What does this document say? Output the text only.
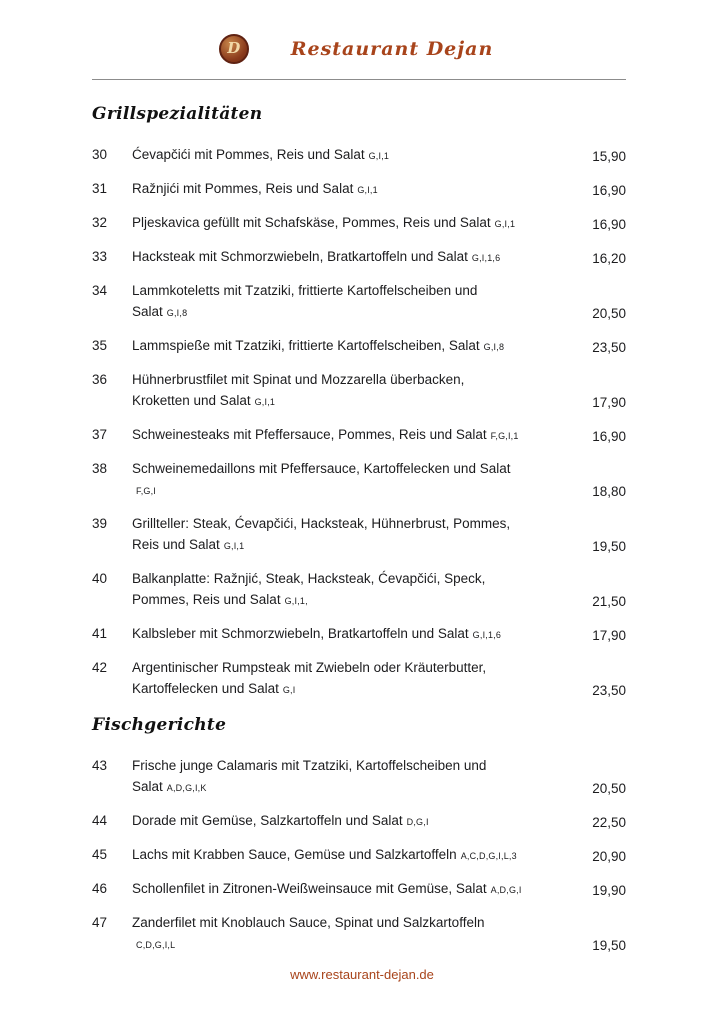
D	Restaurant Dejan
Grillspezialitäten
30	Ćevapčići mit Pommes, Reis und Salat G,I,1	15,90
31	Ražnjići mit Pommes, Reis und Salat G,I,1	16,90
32	Pljeskavica gefüllt mit Schafskäse, Pommes, Reis und Salat G,I,1	16,90
33	Hacksteak mit Schmorzwiebeln, Bratkartoffeln und Salat G,I,1,6	16,20
34	Lammkoteletts mit Tzatziki, frittierte Kartoffelscheiben und
Salat G,I,8	20,50
35	Lammspieße mit Tzatziki, frittierte Kartoffelscheiben, Salat G,I,8	23,50
36	Hühnerbrustfilet mit Spinat und Mozzarella überbacken,
Kroketten und Salat G,I,1	17,90
37	Schweinesteaks mit Pfeffersauce, Pommes, Reis und Salat F,G,I,1	16,90
38	Schweinemedaillons mit Pfeffersauce, Kartoffelecken und Salat
F,G,I	18,80
39	Grillteller: Steak, Ćevapčići, Hacksteak, Hühnerbrust, Pommes,
Reis und Salat G,I,1	19,50
40	Balkanplatte: Ražnjić, Steak, Hacksteak, Ćevapčići, Speck,
Pommes, Reis und Salat G,I,1,	21,50
41	Kalbsleber mit Schmorzwiebeln, Bratkartoffeln und Salat G,I,1,6	17,90
42	Argentinischer Rumpsteak mit Zwiebeln oder Kräuterbutter,
Kartoffelecken und Salat G,I	23,50
Fischgerichte
43	Frische junge Calamaris mit Tzatziki, Kartoffelscheiben und
Salat A,D,G,I,K	20,50
44	Dorade mit Gemüse, Salzkartoffeln und Salat D,G,I	22,50
45	Lachs mit Krabben Sauce, Gemüse und Salzkartoffeln A,C,D,G,I,L,3	20,90
46	Schollenfilet in Zitronen-Weißweinsauce mit Gemüse, Salat A,D,G,I	19,90
47	Zanderfilet mit Knoblauch Sauce, Spinat und Salzkartoffeln
C,D,G,I,L	19,50
www.restaurant-dejan.de
